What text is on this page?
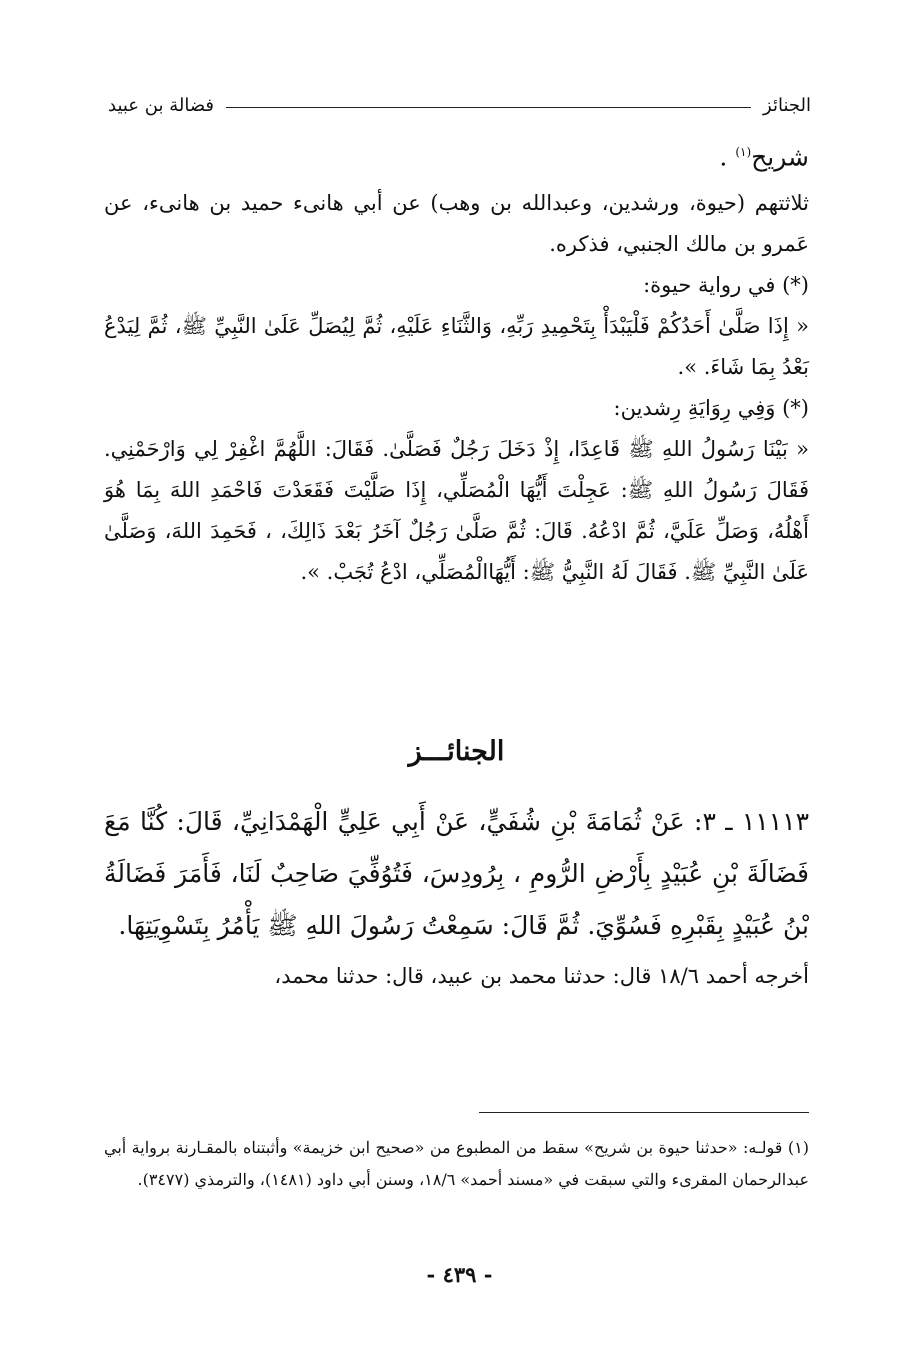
الجنائز
فضالة بن عبيد

شريح$^{(١)}$ .

ثلاثتهم (حيوة، ورشدين، وعبدالله بن وهب) عن أبي هانىء حميد بن هانىء، عن عَمرو بن مالك الجنبي، فذكره.

(*) في رواية حيوة:

« إِذَا صَلَّىٰ أَحَدُكُمْ فَلْيَبْدَأْ بِتَحْمِيدِ رَبِّهِ، وَالثَّنَاءِ عَلَيْهِ، ثُمَّ لِيُصَلِّ عَلَىٰ النَّبِيِّ ﷺ، ثُمَّ لِيَدْعُ بَعْدُ بِمَا شَاءَ. ».

(*) وَفِي رِوَايَةِ رِشدين:

« بَيْنَا رَسُولُ اللهِ ﷺ قَاعِدًا، إِذْ دَخَلَ رَجُلٌ فَصَلَّىٰ. فَقَالَ: اللَّهُمَّ اغْفِرْ لِي وَارْحَمْنِي. فَقَالَ رَسُولُ اللهِ ﷺ: عَجِلْتَ أَيُّهَا الْمُصَلِّي، إِذَا صَلَّيْتَ فَقَعَدْتَ فَاحْمَدِ اللهَ بِمَا هُوَ أَهْلُهُ، وَصَلِّ عَلَيَّ، ثُمَّ ادْعُهُ. قَالَ: ثُمَّ صَلَّىٰ رَجُلٌ آخَرُ بَعْدَ ذَالِكَ، ، فَحَمِدَ اللهَ، وَصَلَّىٰ عَلَىٰ النَّبِيِّ ﷺ. فَقَالَ لَهُ النَّبِيُّ ﷺ: أَيُّهَاالْمُصَلِّي، ادْعُ تُجَبْ. ».

الجنائـــز

١١١١٣ ـ ٣: عَنْ ثُمَامَةَ بْنِ شُفَيٍّ، عَنْ أَبِي عَلِيٍّ الْهَمْدَانِيِّ، قَالَ: كُنَّا مَعَ فَضَالَةَ بْنِ عُبَيْدٍ بِأَرْضِ الرُّومِ ، بِرُودِسَ، فَتُوُفِّيَ صَاحِبٌ لَنَا، فَأَمَرَ فَضَالَةُ بْنُ عُبَيْدٍ بِقَبْرِهِ فَسُوِّيَ. ثُمَّ قَالَ: سَمِعْتُ رَسُولَ اللهِ ﷺ يَأْمُرُ بِتَسْوِيَتِهَا.

أخرجه أحمد ١٨/٦ قال: حدثنا محمد بن عبيد، قال: حدثنا محمد،

(١) قولـه: «حدثنا حيوة بن شريح» سقط من المطبوع من «صحيح ابن خزيمة» وأثبتناه بالمقـارنة برواية أبي عبدالرحمان المقرىء والتي سبقت في «مسند أحمد» ١٨/٦، وسنن أبي داود (١٤٨١)، والترمذي (٣٤٧٧).

- ٤٣٩ -
